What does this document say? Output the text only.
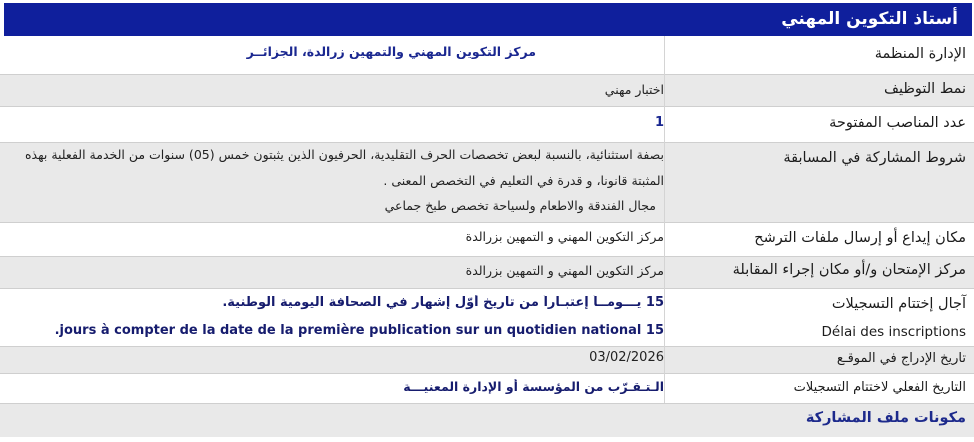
أستاذ التكوين المهني
الإدارة المنظمة
مركز التكوين المهني والتمهين زرالدة، الجزائــر
نمط التوظيف
اختبار مهني
عدد المناصب المفتوحة
1
شروط المشاركة في المسابقة
بصفة استثنائية، بالنسبة لبعض تخصصات الحرف التقليدية، الحرفيون الذين يثبتون خمس (05) سنوات من الخدمة الفعلية بهذه
المثبتة قانونا، و قدرة في التعليم في التخصص المعنى .
مجال الفندقة والاطعام ولسياحة تخصص طبخ جماعي
مكان إيداع أو إرسال ملفات الترشح
مركز التكوين المهني و التمهين بزرالدة
مركز الإمتحان و/أو مكان إجراء المقابلة
مركز التكوين المهني و التمهين بزرالدة
آجال إختتام التسجيلات
15 يـــومــاً إعتبـاراً من تاريخ أوّل إشهار في الصحافة اليومية الوطنية.
Délai des inscriptions
jours à compter de la date de la première publication sur un quotidien national 15.
تاريخ الإدراج في الموقـع
03/02/2026
التاريخ الفعلي لاختتام التسجيلات
الـتـقـرّب من المؤسسة أو الإدارة المعنيـــة
مكونات ملف المشاركة
